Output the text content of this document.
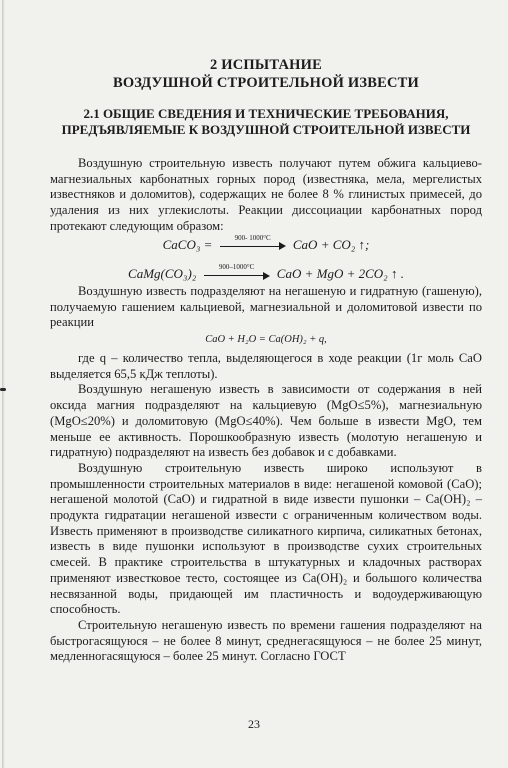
2 ИСПЫТАНИЕ
ВОЗДУШНОЙ СТРОИТЕЛЬНОЙ ИЗВЕСТИ
2.1 ОБЩИЕ СВЕДЕНИЯ И ТЕХНИЧЕСКИЕ ТРЕБОВАНИЯ,
ПРЕДЪЯВЛЯЕМЫЕ К ВОЗДУШНОЙ СТРОИТЕЛЬНОЙ ИЗВЕСТИ

Воздушную строительную известь получают путем обжига кальциево-магнезиальных карбонатных горных пород (известняка, мела, мергелистых известняков и доломитов), содержащих не более 8 % глинистых примесей, до удаления из них углекислоты. Реакции диссоциации карбонатных пород протекают следующим образом:

CaCO₃ =	900- 1000°C	CaO + CO₂ ↑;
CaMg(CO₃)₂	900–1000°C	CaO + MgO + 2CO₂ ↑ .

Воздушную известь подразделяют на негашеную и гидратную (гашеную), получаемую гашением кальциевой, магнезиальной и доломитовой извести по реакции

CaO + H₂O = Ca(OH)₂ + q,

где q – количество тепла, выделяющегося в ходе реакции (1г моль CaO выделяется 65,5 кДж теплоты).

Воздушную негашеную известь в зависимости от содержания в ней оксида магния подразделяют на кальциевую (MgO≤5%), магнезиальную (MgO≤20%) и доломитовую (MgO≤40%). Чем больше в извести MgO, тем меньше ее активность. Порошкообразную известь (молотую негашеную и гидратную) подразделяют на известь без добавок и с добавками.

Воздушную строительную известь широко используют в промышленности строительных материалов в виде: негашеной комовой (CaO); негашеной молотой (CaO) и гидратной в виде извести пушонки – Ca(OH)₂ – продукта гидратации негашеной извести с ограниченным количеством воды. Известь применяют в производстве силикатного кирпича, силикатных бетонах, известь в виде пушонки используют в производстве сухих строительных смесей. В практике строительства в штукатурных и кладочных растворах применяют известковое тесто, состоящее из Ca(OH)₂ и большого количества несвязанной воды, придающей им пластичность и водоудерживающую способность.

Строительную негашеную известь по времени гашения подразделяют на быстрогасящуюся – не более 8 минут, среднегасящуюся – не более 25 минут, медленногасящуюся – более 25 минут. Согласно ГОСТ

23
